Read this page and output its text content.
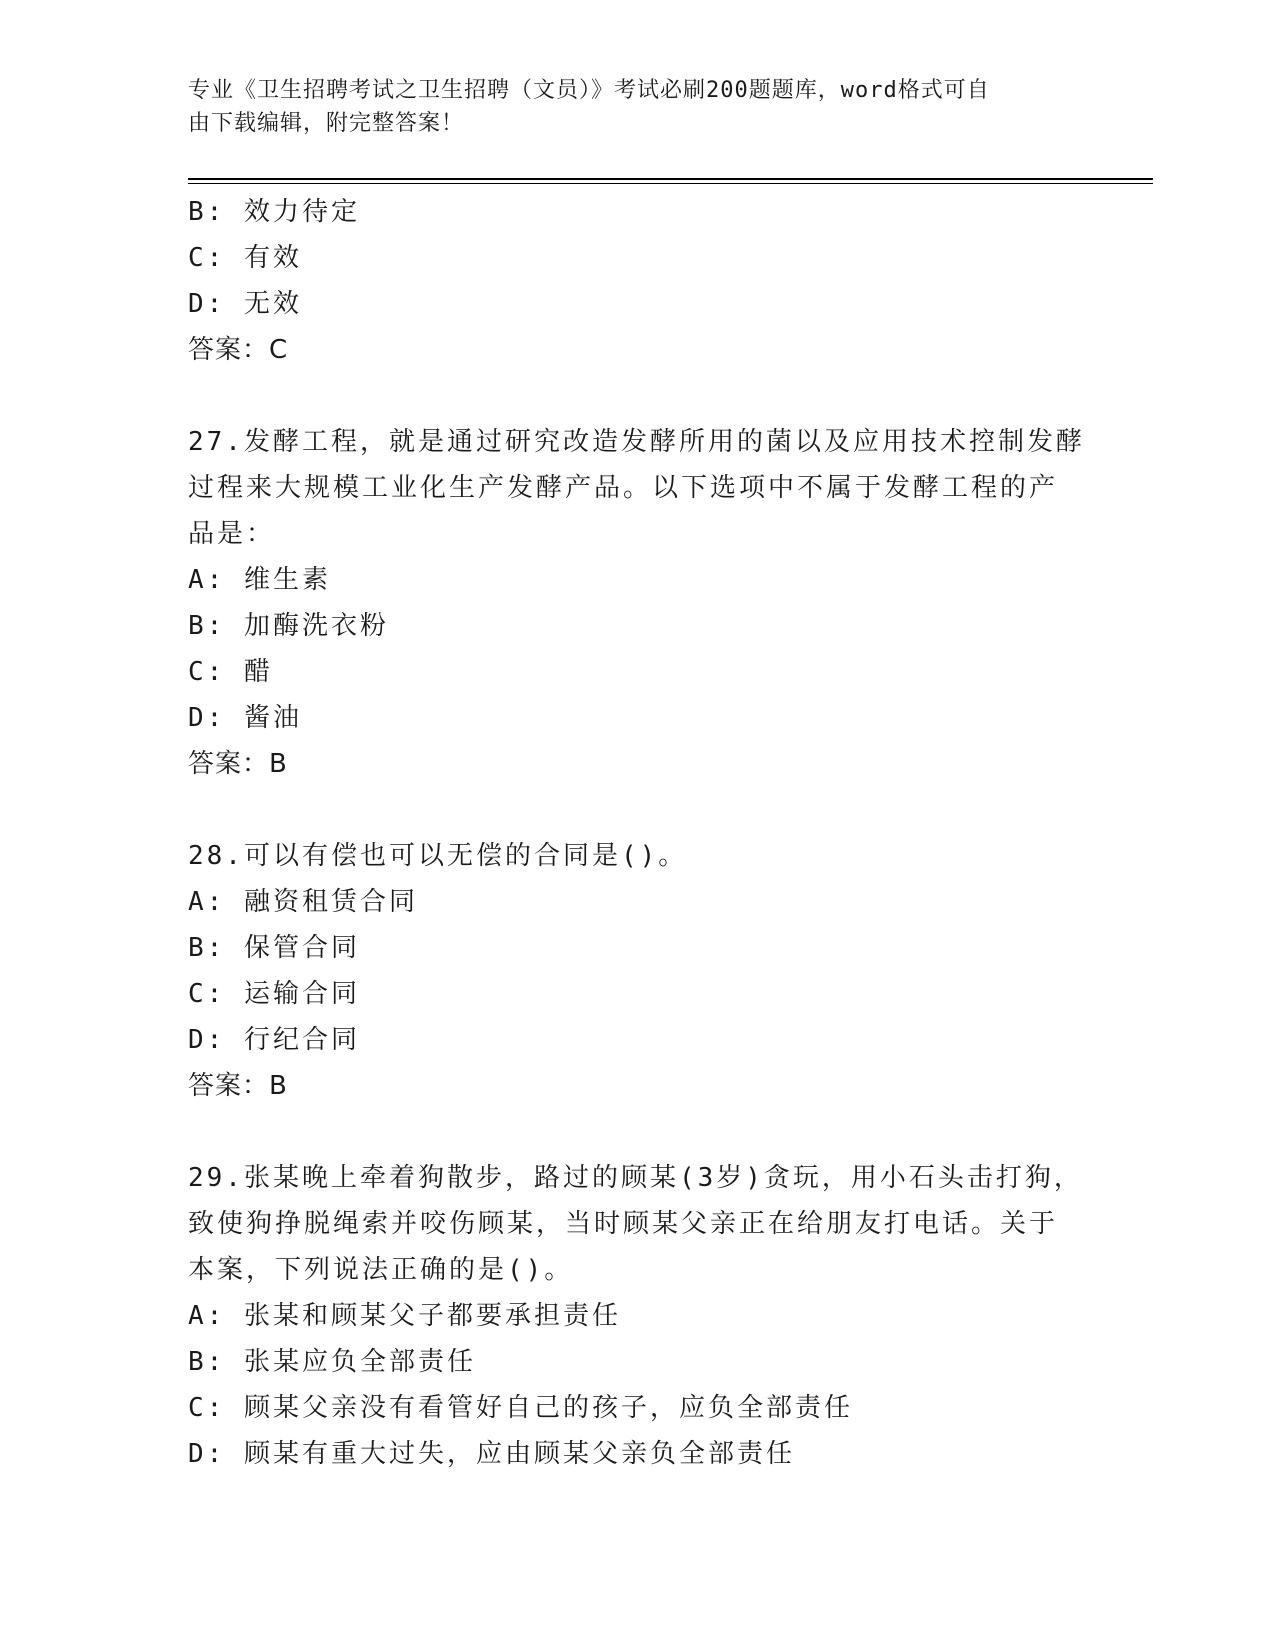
专业《卫生招聘考试之卫生招聘（文员）》考试必刷200题题库，word格式可自
由下载编辑，附完整答案！
B: 效力待定
C: 有效
D: 无效
答案：C
27.发酵工程，就是通过研究改造发酵所用的菌以及应用技术控制发酵
过程来大规模工业化生产发酵产品。以下选项中不属于发酵工程的产
品是：
A: 维生素
B: 加酶洗衣粉
C: 醋
D: 酱油
答案：B
28.可以有偿也可以无偿的合同是()。
A: 融资租赁合同
B: 保管合同
C: 运输合同
D: 行纪合同
答案：B
29.张某晚上牵着狗散步，路过的顾某(3岁)贪玩，用小石头击打狗，
致使狗挣脱绳索并咬伤顾某，当时顾某父亲正在给朋友打电话。关于
本案，下列说法正确的是()。
A: 张某和顾某父子都要承担责任
B: 张某应负全部责任
C: 顾某父亲没有看管好自己的孩子，应负全部责任
D: 顾某有重大过失，应由顾某父亲负全部责任
